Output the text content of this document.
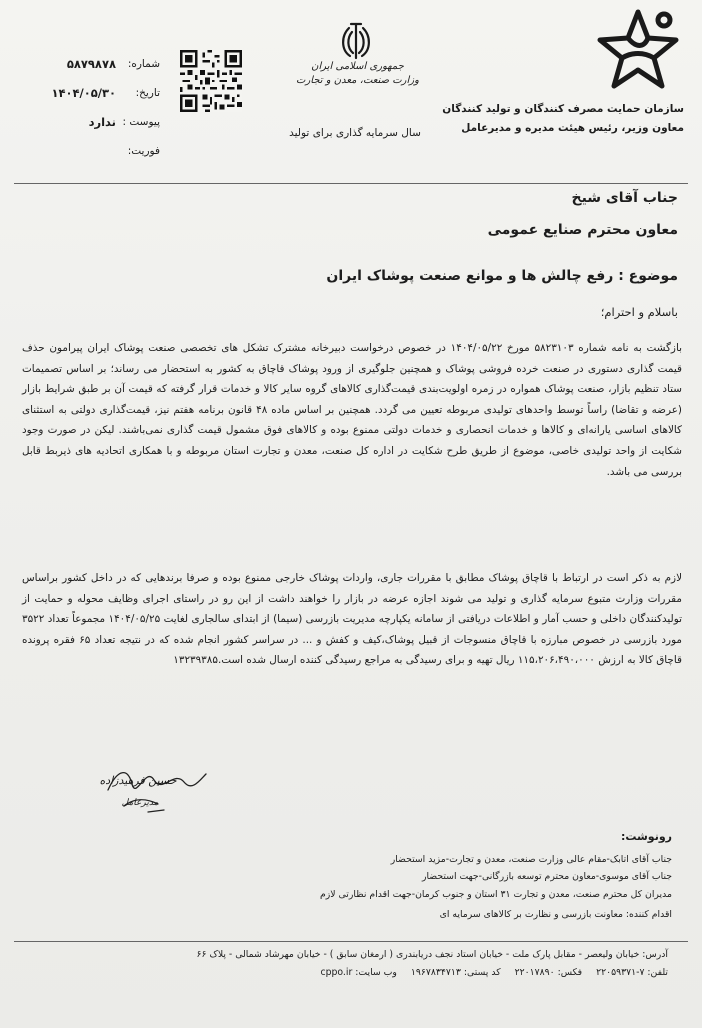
سازمان حمایت مصرف کنندگان و تولید کنندگان
معاون وزیر، رئیس هیئت مدیره و مدیرعامل
جمهوری اسلامی ایران
وزارت صنعت، معدن و تجارت
سال سرمایه گذاری برای تولید
شماره:
۵۸۷۹۸۷۸
تاریخ:
۱۴۰۴/۰۵/۳۰
پیوست :
ندارد
فوریت:
جناب آقای شیخ
معاون محترم صنایع عمومی
موضوع : رفع چالش ها و موانع صنعت پوشاک ایران
باسلام و احترام؛
بازگشت به نامه شماره ۵۸۲۳۱۰۳ مورخ ۱۴۰۴/۰۵/۲۲ در خصوص درخواست دبیرخانه مشترک تشکل های تخصصی صنعت پوشاک ایران پیرامون حذف قیمت گذاری دستوری در صنعت خرده فروشی پوشاک و همچنین جلوگیری از ورود پوشاک قاچاق به کشور به استحضار می رساند؛ بر اساس تصمیمات ستاد تنظیم بازار، صنعت پوشاک همواره در زمره اولویت‌بندی قیمت‌گذاری کالاهای گروه سایر کالا و خدمات قرار گرفته که قیمت آن بر طبق شرایط بازار (عرضه و تقاضا) راساً توسط واحدهای تولیدی مربوطه تعیین می گردد. همچنین بر اساس ماده ۴۸ قانون برنامه هفتم نیز، قیمت‌گذاری دولتی به استثنای کالاهای اساسی یارانه‌ای و کالاها و خدمات انحصاری و خدمات دولتی ممنوع بوده و کالاهای فوق مشمول قیمت گذاری نمی‌باشند. لیکن در صورت وجود شکایت از واحد تولیدی خاصی، موضوع از طریق طرح شکایت در اداره کل صنعت، معدن و تجارت استان مربوطه و با همکاری اتحادیه های ذیربط قابل بررسی می باشد.
لازم به ذکر است در ارتباط با قاچاق پوشاک مطابق با مقررات جاری، واردات پوشاک خارجی ممنوع بوده و صرفا برندهایی که در داخل کشور براساس مقررات وزارت متبوع سرمایه گذاری و تولید می شوند اجازه عرضه در بازار را خواهند داشت از این رو در راستای اجرای وظایف محوله و حمایت از تولیدکنندگان داخلی و حسب آمار و اطلاعات دریافتی از سامانه یکپارچه مدیریت بازرسی (سیما) از ابتدای سالجاری لغایت ۱۴۰۴/۰۵/۲۵ مجموعاً تعداد ۳۵۲۲ مورد بازرسی در خصوص مبارزه با قاچاق منسوجات از قبیل پوشاک،کیف و کفش و ... در سراسر کشور انجام شده که در نتیجه تعداد ۶۵ فقره پرونده قاچاق کالا به ارزش ۱۱۵،۲۰۶،۴۹۰،۰۰۰ ریال تهیه و برای رسیدگی به مراجع رسیدگی کننده ارسال شده است.۱۳۲۳۹۳۸۵
حسین فرهیدزاده
مدیرعامل
رونوشت:
جناب آقای اتابک-مقام عالی وزارت صنعت، معدن و تجارت-مزید استحضار
جناب آقای موسوی-معاون محترم توسعه بازرگانی-جهت استحضار
مدیران کل محترم صنعت، معدن و تجارت ۳۱ استان و جنوب کرمان-جهت اقدام نظارتی لازم
اقدام کننده: معاونت بازرسی و نظارت بر کالاهای سرمایه ای
آدرس: خیابان ولیعصر - مقابل پارک ملت - خیابان استاد نجف دریابندری ( ارمغان سابق ) - خیابان مهرشاد شمالی - پلاک ۶۶
تلفن: ۷-۲۲۰۵۹۳۷۱
فکس: ۲۲۰۱۷۸۹۰
کد پستی: ۱۹۶۷۸۳۴۷۱۳
وب سایت: cppo.ir
